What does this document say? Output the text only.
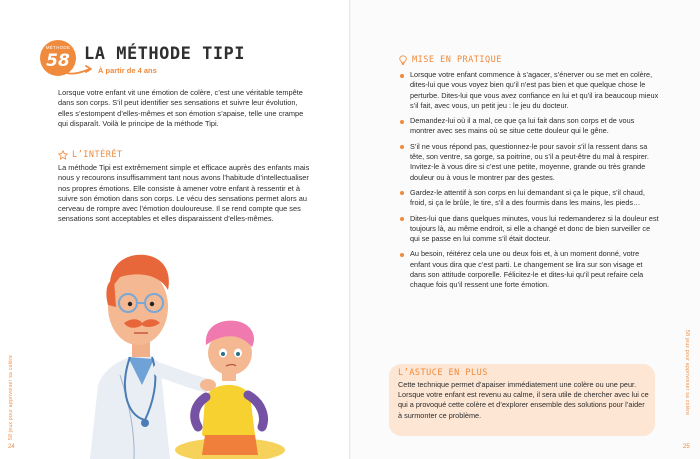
58 jeux pour apprivoiser sa colère
24
58 jeux pour apprivoiser sa colère
25
MÉTHODE
58 LA MÉTHODE TIPI
À partir de 4 ans
Lorsque votre enfant vit une émotion de colère, c’est une véritable tempête dans son corps. S’il peut identifier ses sensations et suivre leur évolution, elles s’estompent d’elles-mêmes et son émotion s’apaise, telle une crampe qui disparaît. Voilà le principe de la méthode Tipi.
L’INTÉRÊT
La méthode Tipi est extrêmement simple et efficace auprès des enfants mais nous y recourons insuffisamment tant nous avons l’habitude d’intellectualiser nos propres émotions. Elle consiste à amener votre enfant à ressentir et à suivre son émotion dans son corps. Le vécu des sensations permet alors au cerveau de rompre avec l’émotion douloureuse. Il se rend compte que ses sensations sont acceptables et elles disparaissent d’elles-mêmes.
MISE EN PRATIQUE
Lorsque votre enfant commence à s’agacer, s’énerver ou se met en colère, dites-lui que vous voyez bien qu’il n’est pas bien et que quelque chose le perturbe. Dites-lui que vous avez confiance en lui et qu’il ira beaucoup mieux s’il fait, avec vous, un petit jeu : le jeu du docteur.
Demandez-lui où il a mal, ce que ça lui fait dans son corps et de vous montrer avec ses mains où se situe cette douleur qui le gêne.
S’il ne vous répond pas, questionnez-le pour savoir s’il la ressent dans sa tête, son ventre, sa gorge, sa poitrine, ou s’il a peut-être du mal à respirer. Invitez-le à vous dire si c’est une petite, moyenne, grande ou très grande douleur ou à vous le montrer par des gestes.
Gardez-le attentif à son corps en lui demandant si ça le pique, s’il chaud, froid, si ça le brûle, le tire, s’il a des fourmis dans les mains, les pieds…
Dites-lui que dans quelques minutes, vous lui redemanderez si la douleur est toujours là, au même endroit, si elle a changé et donc de bien surveiller ce qui se passe en lui comme s’il était docteur.
Au besoin, réitérez cela une ou deux fois et, à un moment donné, votre enfant vous dira que c’est parti. Le changement se lira sur son visage et dans son attitude corporelle. Félicitez-le et dites-lui qu’il peut refaire cela chaque fois qu’il ressent une forte émotion.
L’ASTUCE EN PLUS
Cette technique permet d’apaiser immédiatement une colère ou une peur. Lorsque votre enfant est revenu au calme, il sera utile de chercher avec lui ce qui a provoqué cette colère et d’explorer ensemble des solutions pour l’aider à surmonter ce problème.
